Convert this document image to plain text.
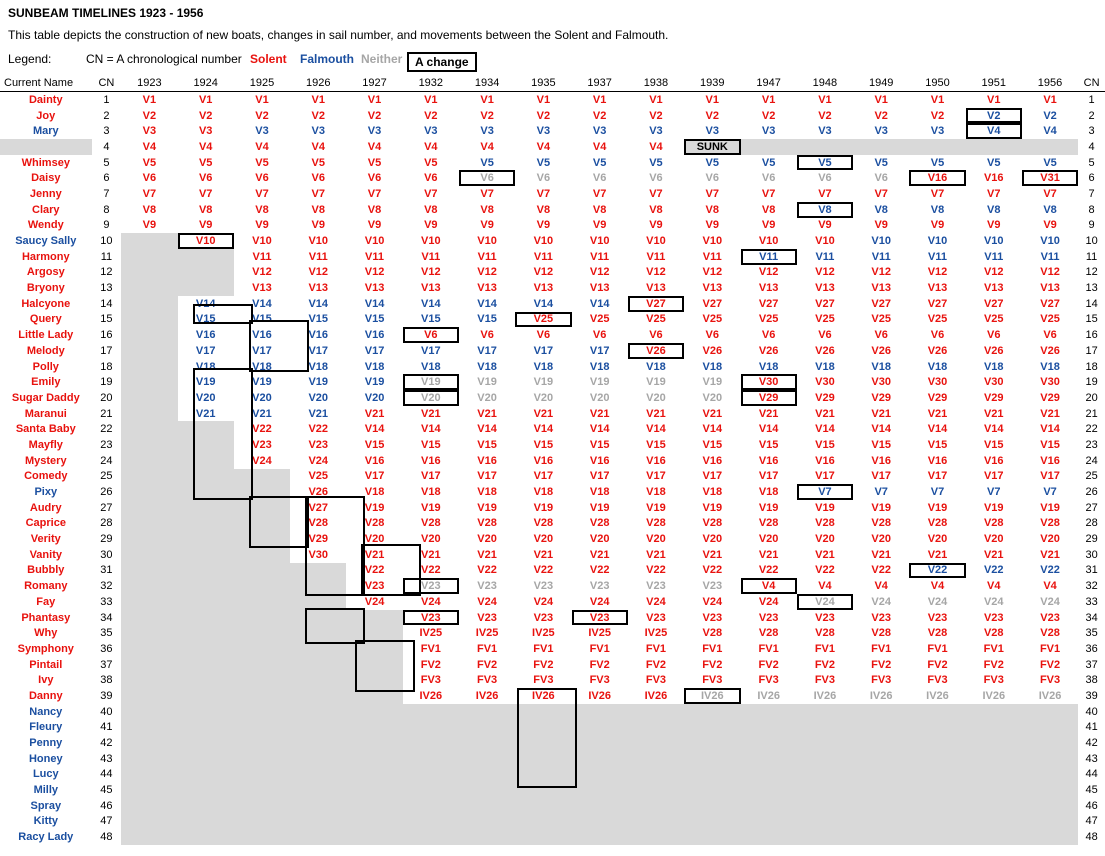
SUNBEAM TIMELINES 1923 - 1956
This table depicts the construction of new boats, changes in sail number, and movements between the Solent and Falmouth.
Legend:	CN = A chronological number Solent Falmouth Neither	A change
Current Name	CN	1923	1924	1925	1926	1927	1932	1934	1935	1937	1938	1939	1947	1948	1949	1950	1951	1956	CN
Dainty	1	V1	V1	V1	V1	V1	V1	V1	V1	V1	V1	V1	V1	V1	V1	V1	V1	V1	1
Joy	2	V2	V2	V2	V2	V2	V2	V2	V2	V2	V2	V2	V2	V2	V2	V2	V2	V2	2
Mary	3	V3	V3	V3	V3	V3	V3	V3	V3	V3	V3	V3	V3	V3	V3	V3	V4	V4	3
	4	V4	V4	V4	V4	V4	V4	V4	V4	V4	V4	SUNK							4
Whimsey	5	V5	V5	V5	V5	V5	V5	V5	V5	V5	V5	V5	V5	V5	V5	V5	V5	V5	5
Daisy	6	V6	V6	V6	V6	V6	V6	V6	V6	V6	V6	V6	V6	V6	V6	V16	V16	V31	6
Jenny	7	V7	V7	V7	V7	V7	V7	V7	V7	V7	V7	V7	V7	V7	V7	V7	V7	V7	7
Clary	8	V8	V8	V8	V8	V8	V8	V8	V8	V8	V8	V8	V8	V8	V8	V8	V8	V8	8
Wendy	9	V9	V9	V9	V9	V9	V9	V9	V9	V9	V9	V9	V9	V9	V9	V9	V9	V9	9
Saucy Sally	10		V10	V10	V10	V10	V10	V10	V10	V10	V10	V10	V10	V10	V10	V10	V10	V10	10
Harmony	11			V11	V11	V11	V11	V11	V11	V11	V11	V11	V11	V11	V11	V11	V11	V11	11
Argosy	12			V12	V12	V12	V12	V12	V12	V12	V12	V12	V12	V12	V12	V12	V12	V12	12
Bryony	13			V13	V13	V13	V13	V13	V13	V13	V13	V13	V13	V13	V13	V13	V13	V13	13
Halcyone	14		V14	V14	V14	V14	V14	V14	V14	V14	V27	V27	V27	V27	V27	V27	V27	V27	14
Query	15		V15	V15	V15	V15	V15	V15	V25	V25	V25	V25	V25	V25	V25	V25	V25	V25	15
Little Lady	16		V16	V16	V16	V16	V6	V6	V6	V6	V6	V6	V6	V6	V6	V6	V6	V6	16
Melody	17		V17	V17	V17	V17	V17	V17	V17	V17	V26	V26	V26	V26	V26	V26	V26	V26	17
Polly	18		V18	V18	V18	V18	V18	V18	V18	V18	V18	V18	V18	V18	V18	V18	V18	V18	18
Emily	19		V19	V19	V19	V19	V19	V19	V19	V19	V19	V19	V30	V30	V30	V30	V30	V30	19
Sugar Daddy	20		V20	V20	V20	V20	V20	V20	V20	V20	V20	V20	V29	V29	V29	V29	V29	V29	20
Maranui	21		V21	V21	V21	V21	V21	V21	V21	V21	V21	V21	V21	V21	V21	V21	V21	V21	21
Santa Baby	22			V22	V22	V14	V14	V14	V14	V14	V14	V14	V14	V14	V14	V14	V14	V14	22
Mayfly	23			V23	V23	V15	V15	V15	V15	V15	V15	V15	V15	V15	V15	V15	V15	V15	23
Mystery	24			V24	V24	V16	V16	V16	V16	V16	V16	V16	V16	V16	V16	V16	V16	V16	24
Comedy	25				V25	V17	V17	V17	V17	V17	V17	V17	V17	V17	V17	V17	V17	V17	25
Pixy	26				V26	V18	V18	V18	V18	V18	V18	V18	V18	V7	V7	V7	V7	V7	26
Audry	27				V27	V19	V19	V19	V19	V19	V19	V19	V19	V19	V19	V19	V19	V19	27
Caprice	28				V28	V28	V28	V28	V28	V28	V28	V28	V28	V28	V28	V28	V28	V28	28
Verity	29				V29	V20	V20	V20	V20	V20	V20	V20	V20	V20	V20	V20	V20	V20	29
Vanity	30				V30	V21	V21	V21	V21	V21	V21	V21	V21	V21	V21	V21	V21	V21	30
Bubbly	31					V22	V22	V22	V22	V22	V22	V22	V22	V22	V22	V22	V22	V22	31
Romany	32					V23	V23	V23	V23	V23	V23	V23	V4	V4	V4	V4	V4	V4	32
Fay	33					V24	V24	V24	V24	V24	V24	V24	V24	V24	V24	V24	V24	V24	33
Phantasy	34						V23	V23	V23	V23	V23	V23	V23	V23	V23	V23	V23	V23	34
Why	35						IV25	IV25	IV25	IV25	IV25	V28	V28	V28	V28	V28	V28	V28	35
Symphony	36						FV1	FV1	FV1	FV1	FV1	FV1	FV1	FV1	FV1	FV1	FV1	FV1	36
Pintail	37						FV2	FV2	FV2	FV2	FV2	FV2	FV2	FV2	FV2	FV2	FV2	FV2	37
Ivy	38						FV3	FV3	FV3	FV3	FV3	FV3	FV3	FV3	FV3	FV3	FV3	FV3	38
Danny	39						IV26	IV26	IV26	IV26	IV26	IV26	IV26	IV26	IV26	IV26	IV26	IV26	39
Nancy	40																		40
Fleury	41																		41
Penny	42																		42
Honey	43																		43
Lucy	44																		44
Milly	45																		45
Spray	46																		46
Kitty	47																		47
Racy Lady	48																		48
